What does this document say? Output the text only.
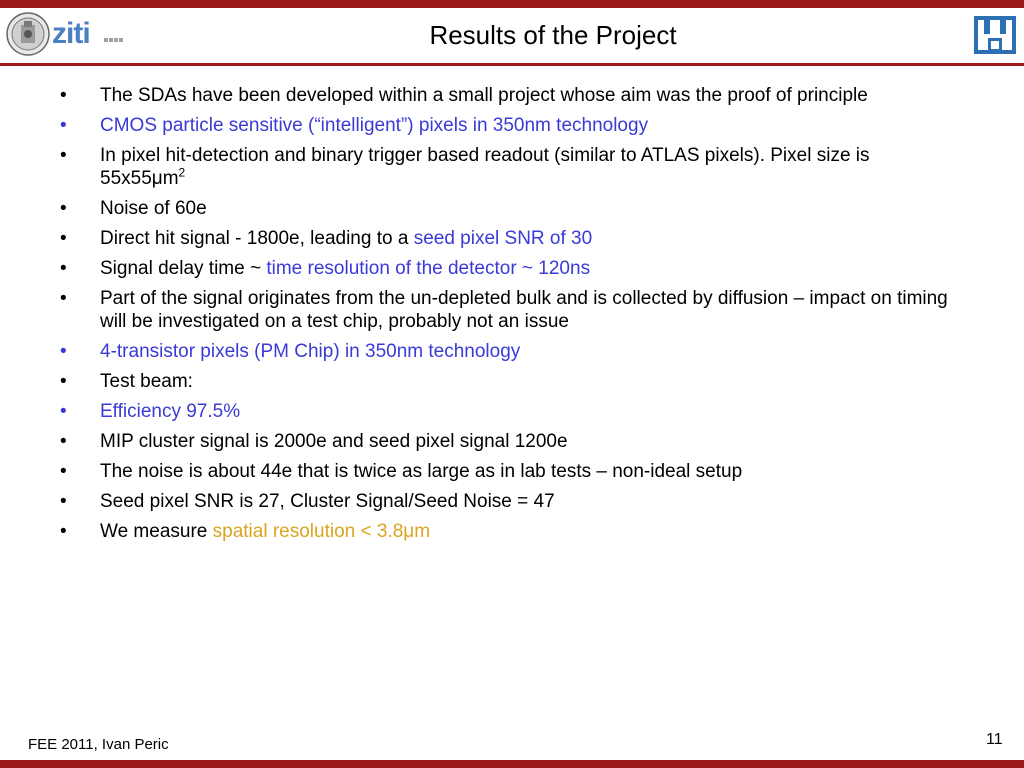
ziti	Results of the Project
•	The SDAs have been developed within a small project whose aim was the proof of principle
•	CMOS particle sensitive (“intelligent”) pixels in 350nm technology
•	In pixel hit-detection and binary trigger based readout (similar to ATLAS pixels). Pixel size is $55x55\mu m^2$
•	Noise of 60e
•	Direct hit signal - 1800e, leading to a seed pixel SNR of 30
•	Signal delay time ~ time resolution of the detector ~ 120ns
•	Part of the signal originates from the un-depleted bulk and is collected by diffusion – impact on timing will be investigated on a test chip, probably not an issue
•	4-transistor pixels (PM Chip) in 350nm technology
•	Test beam:
•	Efficiency 97.5%
•	MIP cluster signal is 2000e and seed pixel signal 1200e
•	The noise is about 44e that is twice as large as in lab tests – non-ideal setup
•	Seed pixel SNR is 27, Cluster Signal/Seed Noise = 47
•	We measure spatial resolution < 3.8μm
FEE 2011, Ivan Peric	11
